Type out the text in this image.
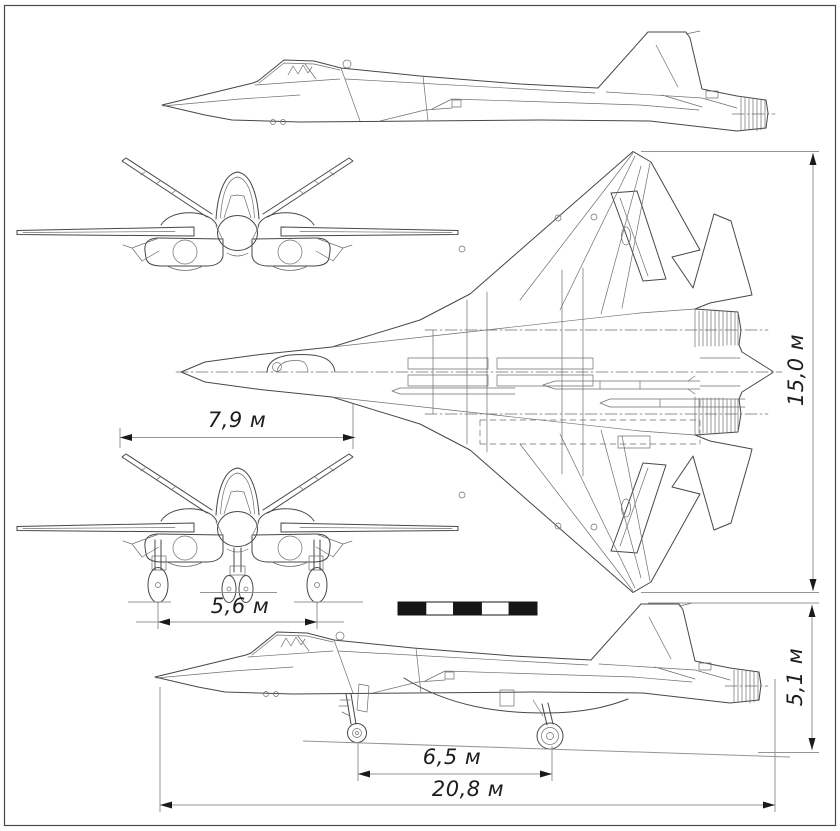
7,9 м
15,0 м
5,6 м
6,5 м
20,8 м
5,1 м
